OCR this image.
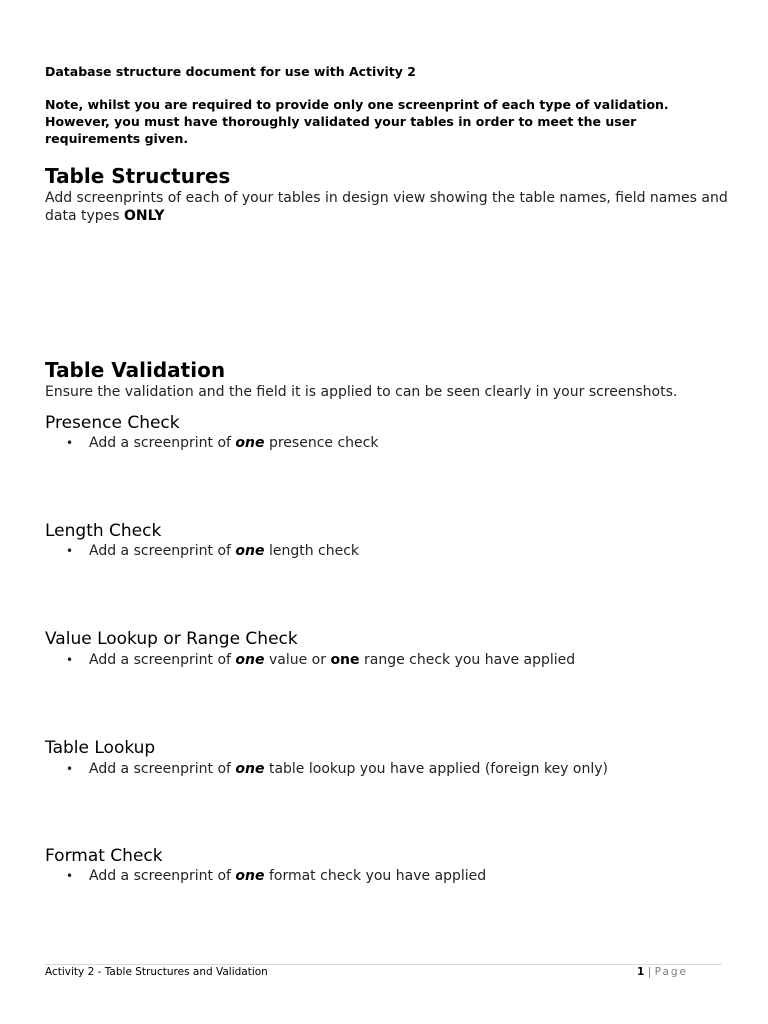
Database structure document for use with Activity 2
Note, whilst you are required to provide only one screenprint of each type of validation.
However, you must have thoroughly validated your tables in order to meet the user
requirements given.
Table Structures
Add screenprints of each of your tables in design view showing the table names, field names and
data types ONLY
Table Validation
Ensure the validation and the field it is applied to can be seen clearly in your screenshots.
Presence Check
• Add a screenprint of one presence check
Length Check
• Add a screenprint of one length check
Value Lookup or Range Check
• Add a screenprint of one value or one range check you have applied
Table Lookup
• Add a screenprint of one table lookup you have applied (foreign key only)
Format Check
• Add a screenprint of one format check you have applied
Activity 2 - Table Structures and Validation	1 | Page
